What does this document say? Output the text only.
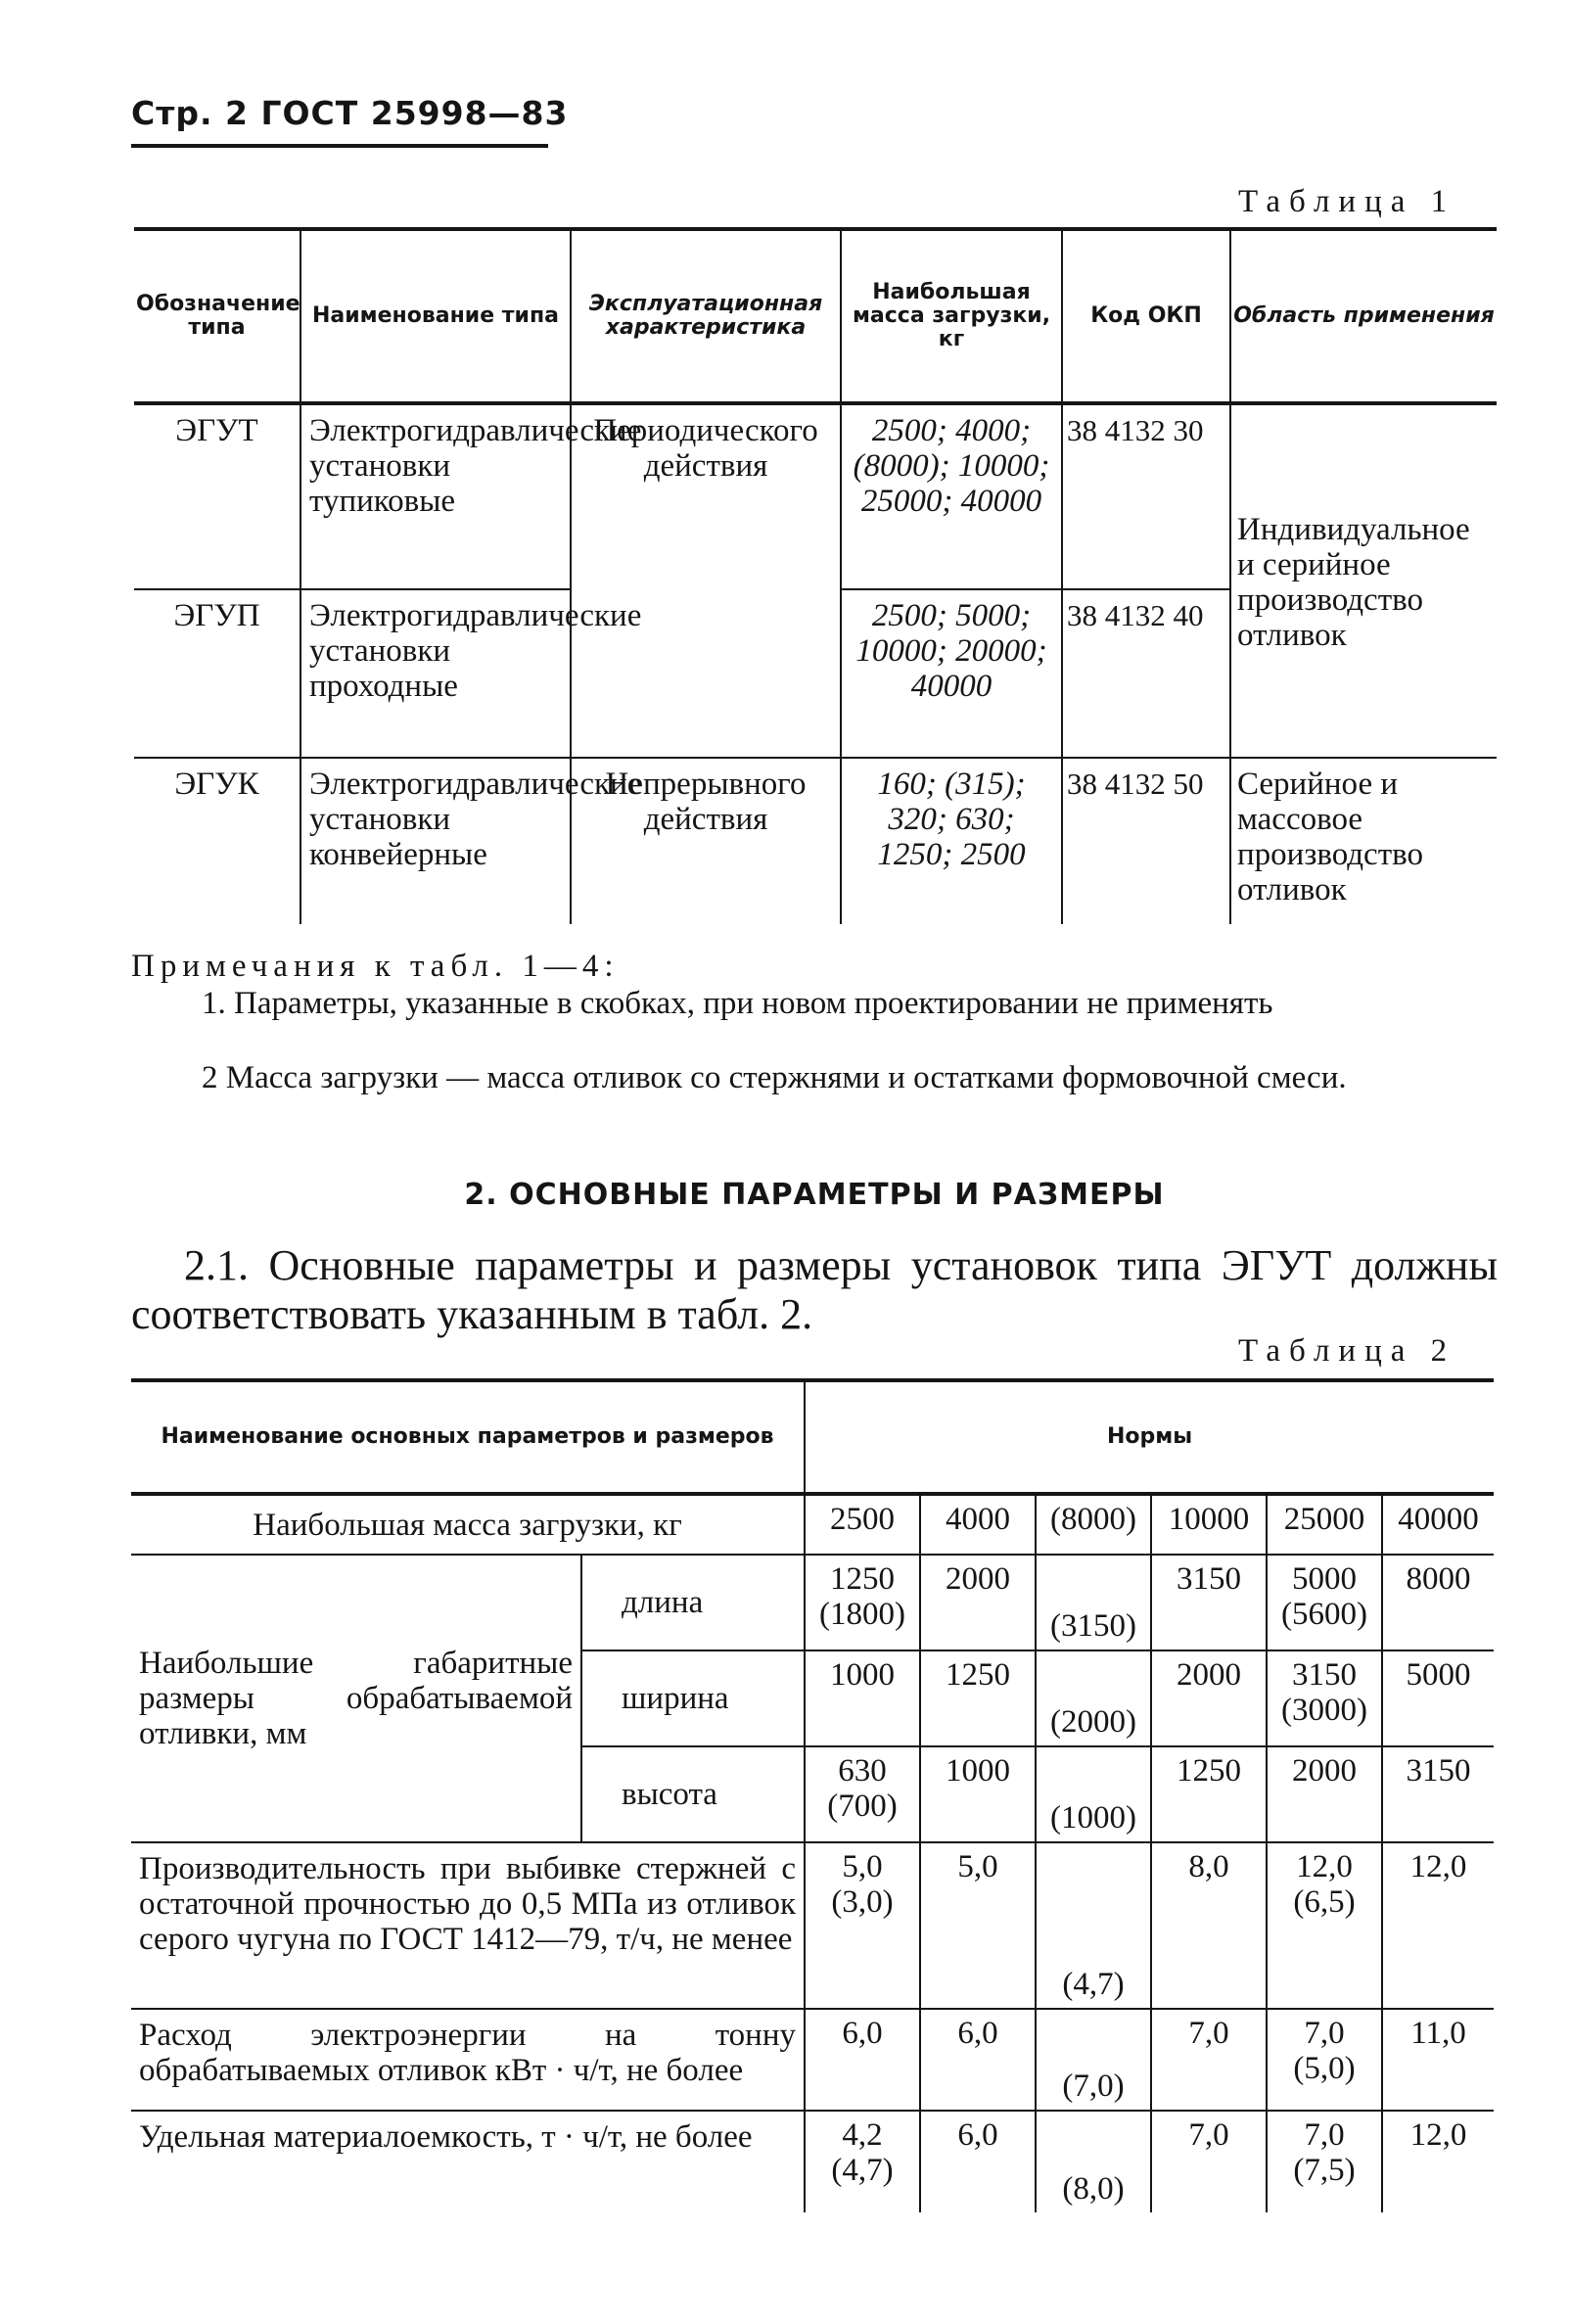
Стр. 2 ГОСТ 25998—83
Таблица 1
Обозначение типа	Наименование типа	Эксплуатационная характеристика	Наибольшая масса загрузки, кг	Код ОКП	Область применения
ЭГУТ	Электрогидравлические установки тупиковые	Периодического действия	2500; 4000; (8000); 10000; 25000; 40000	38 4132 30	Индивидуальное и серийное производство отливок
ЭГУП	Электрогидравлические установки проходные		2500; 5000; 10000; 20000; 40000	38 4132 40	
ЭГУК	Электрогидравлические установки конвейерные	Непрерывного действия	160; (315); 320; 630; 1250; 2500	38 4132 50	Серийное и массовое производство отливок
Примечания к табл. 1—4:
1. Параметры, указанные в скобках, при новом проектировании не применять
2 Масса загрузки — масса отливок со стержнями и остатками формовочной смеси.
2. ОСНОВНЫЕ ПАРАМЕТРЫ И РАЗМЕРЫ
2.1. Основные параметры и размеры установок типа ЭГУТ должны соответствовать указанным в табл. 2.
Таблица 2
Наименование основных параметров и размеров		Нормы					
Наибольшая масса загрузки, кг		2500	4000	(8000)	10000	25000	40000
Наибольшие габаритные размеры обрабатываемой отливки, мм	длина	1250 (1800)	2000	(3150)	3150	5000 (5600)	8000
	ширина	1000	1250	(2000)	2000	3150 (3000)	5000
	высота	630 (700)	1000	(1000)	1250	2000	3150
Производительность при выбивке стержней с остаточной прочностью до 0,5 МПа из отливок серого чугуна по ГОСТ 1412—79, т/ч, не менее		5,0 (3,0)	5,0	(4,7)	8,0	12,0 (6,5)	12,0
Расход электроэнергии на тонну обрабатываемых отливок кВт · ч/т, не более		6,0	6,0	(7,0)	7,0	7,0 (5,0)	11,0
Удельная материалоемкость, т · ч/т, не более		4,2 (4,7)	6,0	(8,0)	7,0	7,0 (7,5)	12,0
